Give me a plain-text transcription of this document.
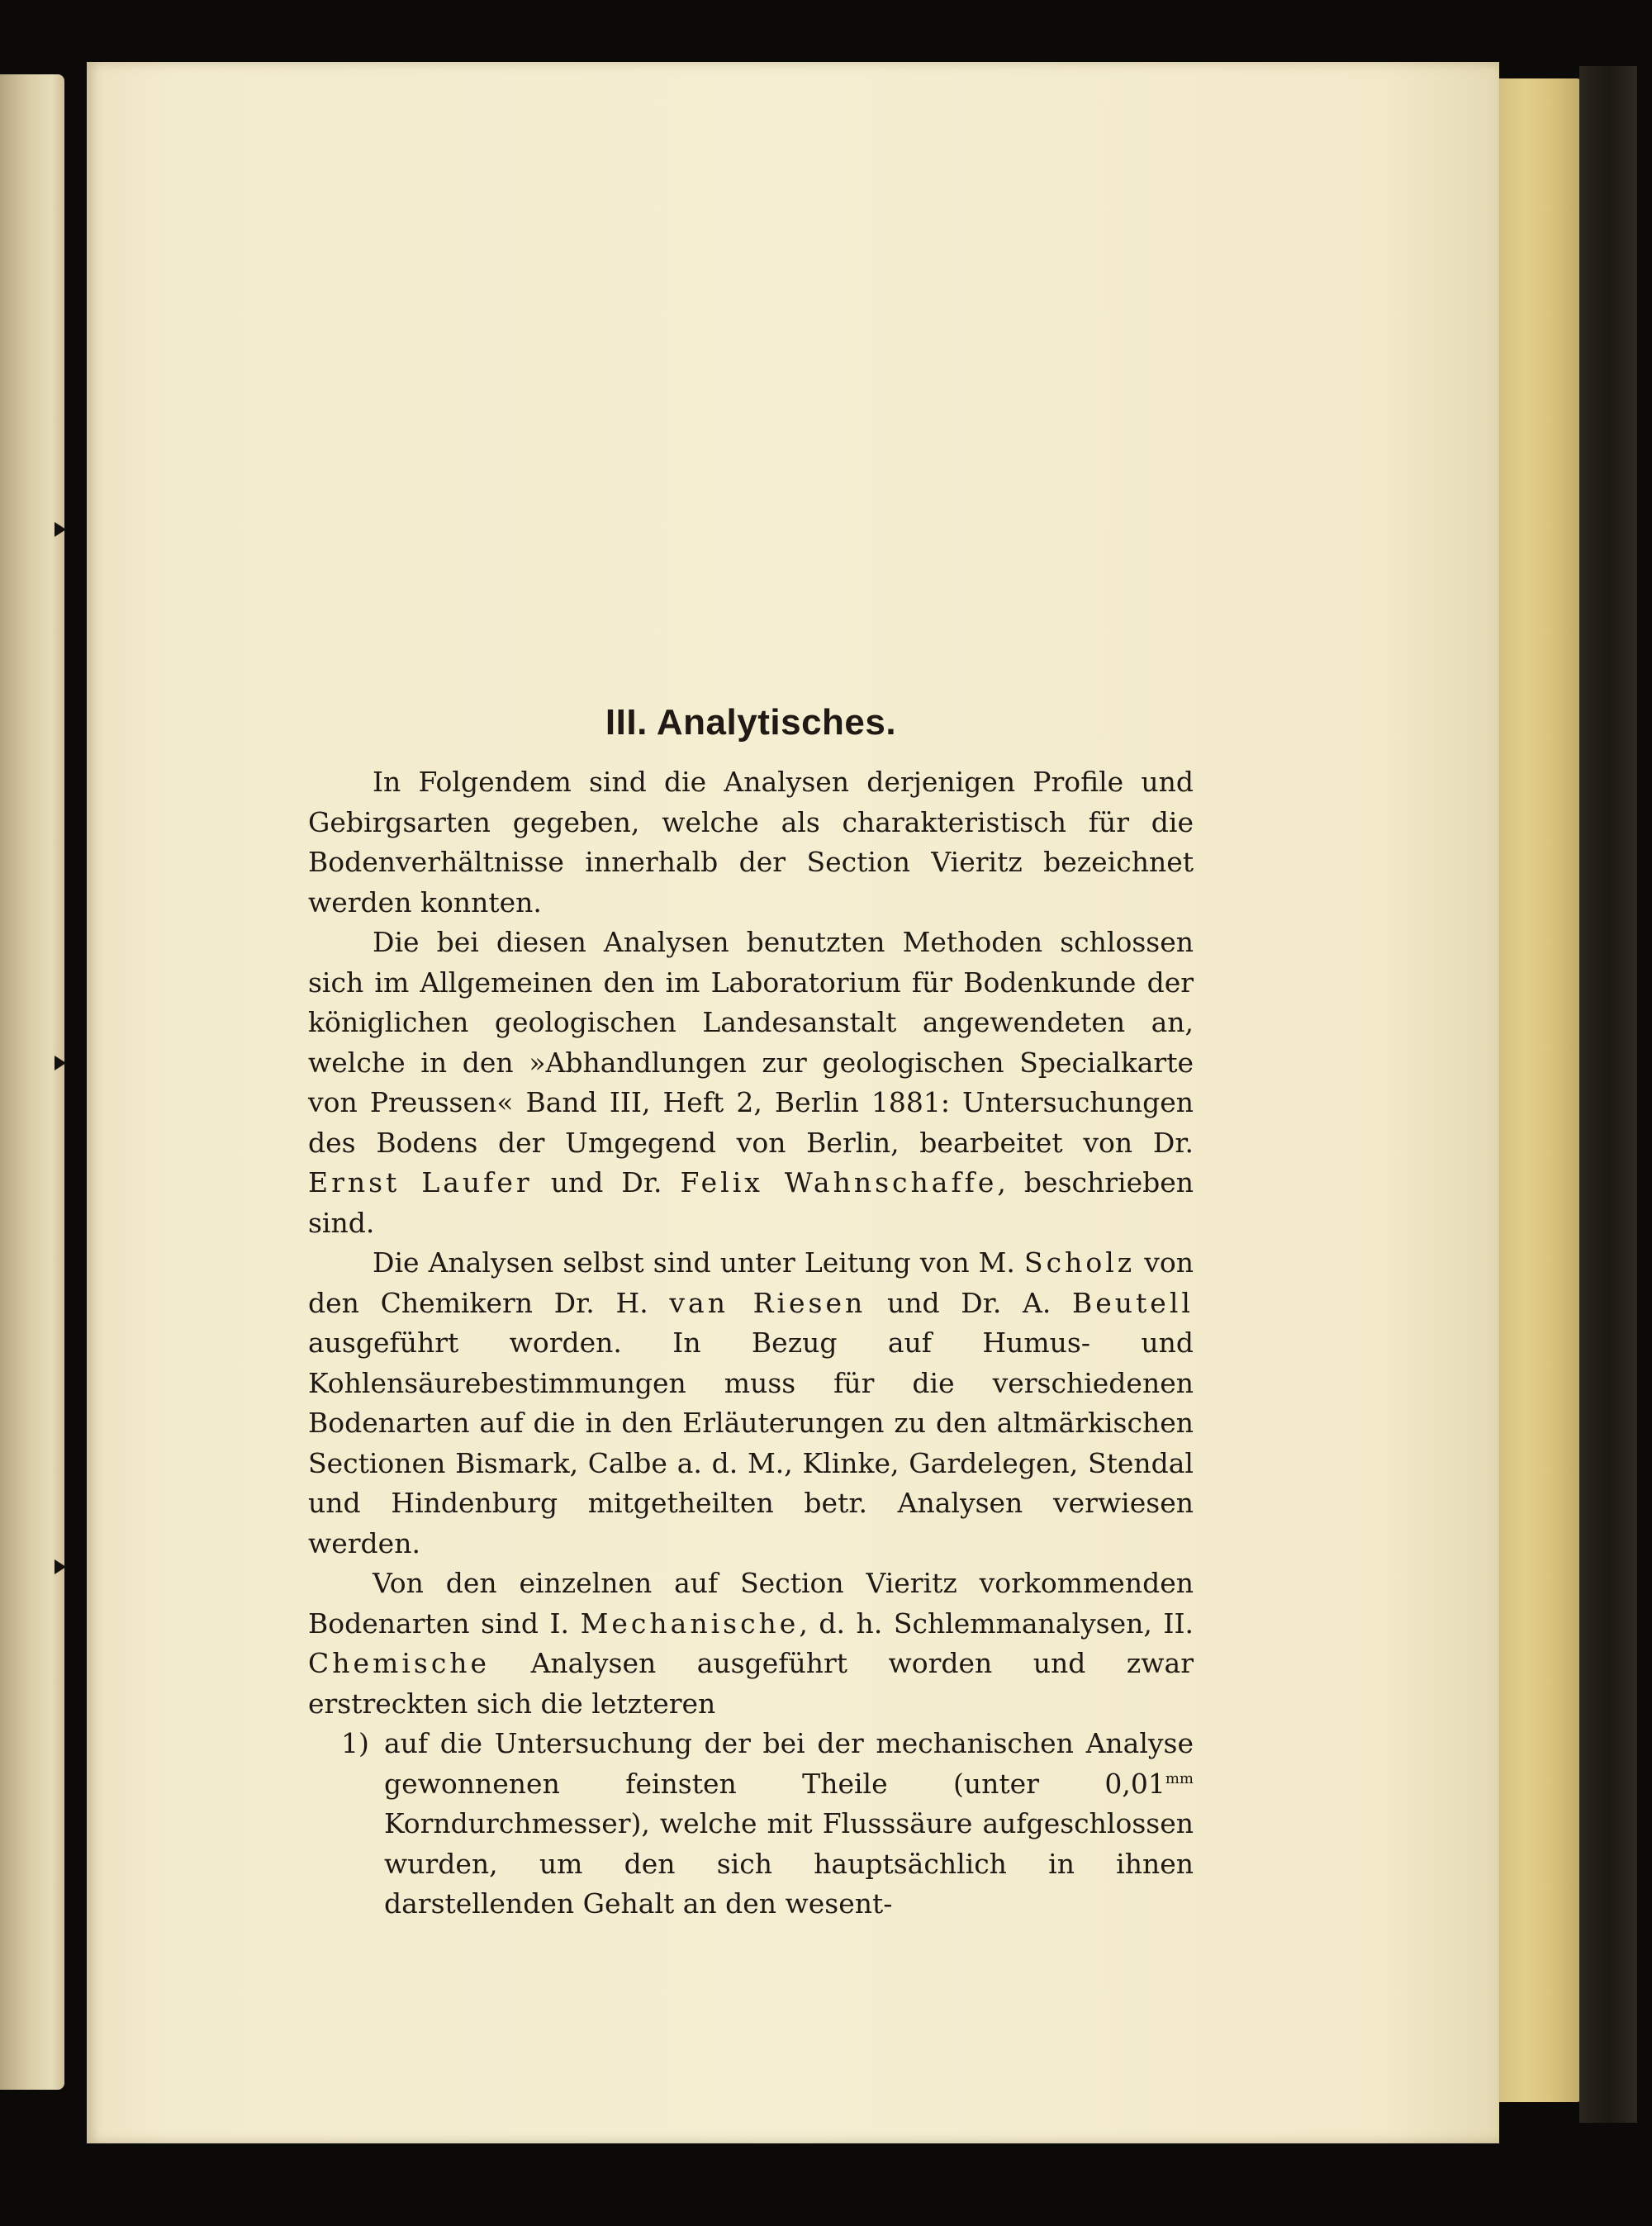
III. Analytisches.

In Folgendem sind die Analysen derjenigen Profile und Gebirgsarten gegeben, welche als charakteristisch für die Bodenverhältnisse innerhalb der Section Vieritz bezeichnet werden konnten.

Die bei diesen Analysen benutzten Methoden schlossen sich im Allgemeinen den im Laboratorium für Bodenkunde der königlichen geologischen Landesanstalt angewendeten an, welche in den »Abhandlungen zur geologischen Specialkarte von Preussen« Band III, Heft 2, Berlin 1881: Untersuchungen des Bodens der Umgegend von Berlin, bearbeitet von Dr. Ernst Laufer und Dr. Felix Wahnschaffe, beschrieben sind.

Die Analysen selbst sind unter Leitung von M. Scholz von den Chemikern Dr. H. van Riesen und Dr. A. Beutell ausgeführt worden. In Bezug auf Humus- und Kohlensäurebestimmungen muss für die verschiedenen Bodenarten auf die in den Erläuterungen zu den altmärkischen Sectionen Bismark, Calbe a. d. M., Klinke, Gardelegen, Stendal und Hindenburg mitgetheilten betr. Analysen verwiesen werden.

Von den einzelnen auf Section Vieritz vorkommenden Bodenarten sind I. Mechanische, d. h. Schlemmanalysen, II. Chemische Analysen ausgeführt worden und zwar erstreckten sich die letzteren

1) auf die Untersuchung der bei der mechanischen Analyse gewonnenen feinsten Theile (unter $0,01^{mm}$ Korndurchmesser), welche mit Flusssäure aufgeschlossen wurden, um den sich hauptsächlich in ihnen darstellenden Gehalt an den wesent-
